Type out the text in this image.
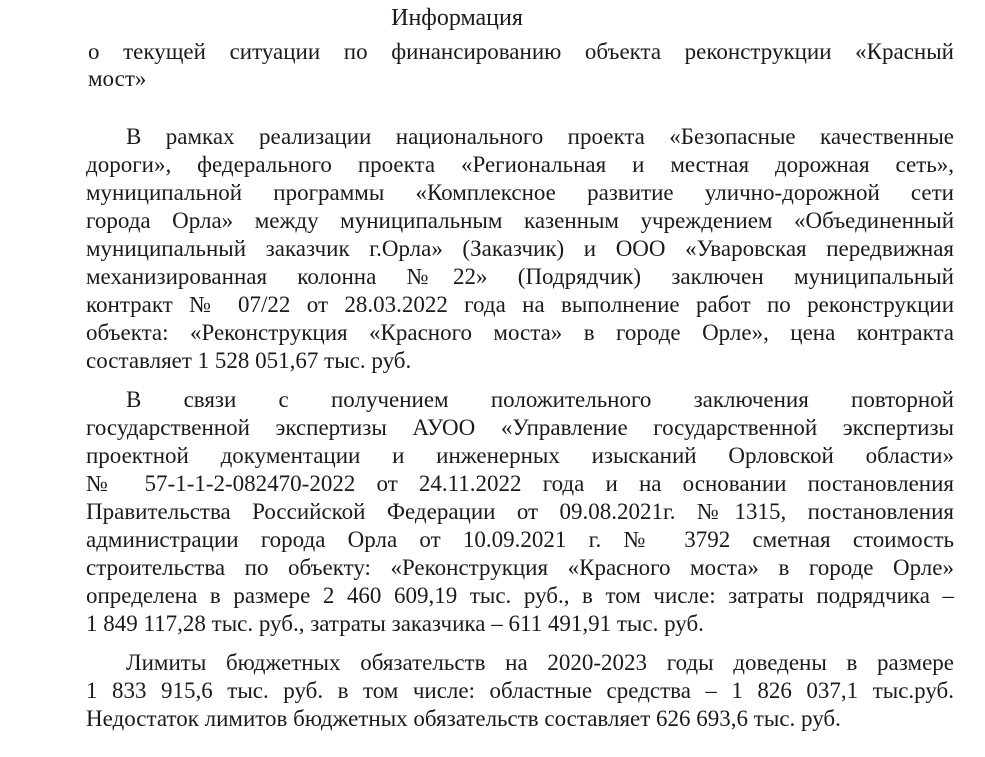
Информация
о текущей ситуации по финансированию объекта реконструкции «Красный
мост»
В рамках реализации национального проекта «Безопасные качественные
дороги», федерального проекта «Региональная и местная дорожная сеть»,
муниципальной программы «Комплексное развитие улично-дорожной сети
города Орла» между муниципальным казенным учреждением «Объединенный
муниципальный заказчик г.Орла» (Заказчик) и ООО «Уваровская передвижная
механизированная колонна №22» (Подрядчик) заключен муниципальный
контракт № 07/22 от 28.03.2022 года на выполнение работ по реконструкции
объекта: «Реконструкция «Красного моста» в городе Орле», цена контракта
составляет 1 528 051,67 тыс. руб.
В связи с получением положительного заключения повторной
государственной экспертизы АУОО «Управление государственной экспертизы
проектной документации и инженерных изысканий Орловской области»
№ 57-1-1-2-082470-2022 от 24.11.2022 года и на основании постановления
Правительства Российской Федерации от 09.08.2021г. №1315, постановления
администрации города Орла от 10.09.2021 г. № 3792 сметная стоимость
строительства по объекту: «Реконструкция «Красного моста» в городе Орле»
определена в размере 2 460 609,19 тыс. руб., в том числе: затраты подрядчика –
1 849 117,28 тыс. руб., затраты заказчика – 611 491,91 тыс. руб.
Лимиты бюджетных обязательств на 2020-2023 годы доведены в размере
1 833 915,6 тыс. руб. в том числе: областные средства – 1 826 037,1 тыс.руб.
Недостаток лимитов бюджетных обязательств составляет 626 693,6 тыс. руб.
